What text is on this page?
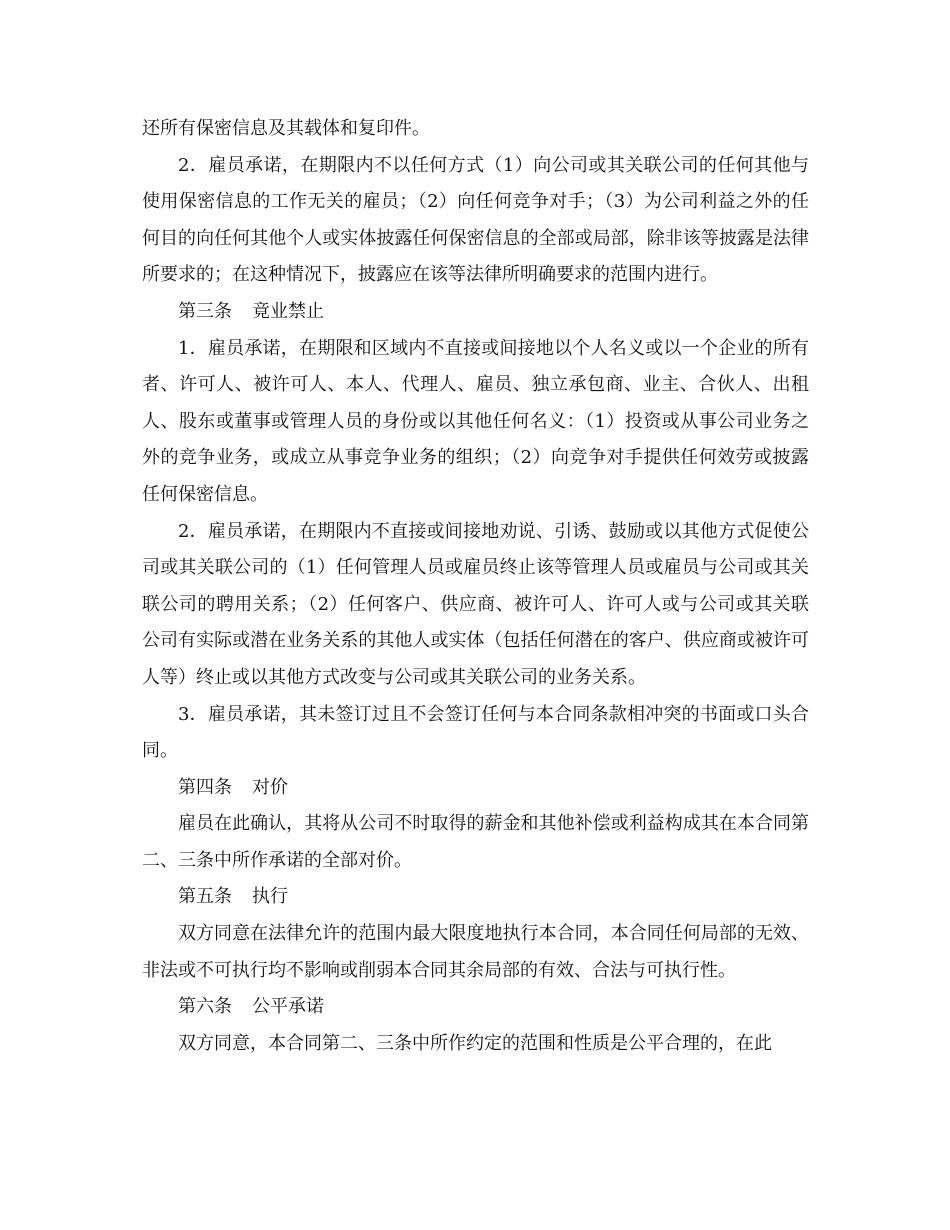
还所有保密信息及其载体和复印件。

2．雇员承诺，在期限内不以任何方式（1）向公司或其关联公司的任何其他与使用保密信息的工作无关的雇员；（2）向任何竞争对手；（3）为公司利益之外的任何目的向任何其他个人或实体披露任何保密信息的全部或局部，除非该等披露是法律所要求的；在这种情况下，披露应在该等法律所明确要求的范围内进行。

第三条 竟业禁止

1．雇员承诺，在期限和区域内不直接或间接地以个人名义或以一个企业的所有者、许可人、被许可人、本人、代理人、雇员、独立承包商、业主、合伙人、出租人、股东或董事或管理人员的身份或以其他任何名义：（1）投资或从事公司业务之外的竞争业务，或成立从事竞争业务的组织；（2）向竞争对手提供任何效劳或披露任何保密信息。

2．雇员承诺，在期限内不直接或间接地劝说、引诱、鼓励或以其他方式促使公司或其关联公司的（1）任何管理人员或雇员终止该等管理人员或雇员与公司或其关联公司的聘用关系；（2）任何客户、供应商、被许可人、许可人或与公司或其关联公司有实际或潜在业务关系的其他人或实体（包括任何潜在的客户、供应商或被许可人等）终止或以其他方式改变与公司或其关联公司的业务关系。

3．雇员承诺，其未签订过且不会签订任何与本合同条款相冲突的书面或口头合同。

第四条 对价

雇员在此确认，其将从公司不时取得的薪金和其他补偿或利益构成其在本合同第二、三条中所作承诺的全部对价。

第五条 执行

双方同意在法律允许的范围内最大限度地执行本合同，本合同任何局部的无效、非法或不可执行均不影响或削弱本合同其余局部的有效、合法与可执行性。

第六条 公平承诺

双方同意，本合同第二、三条中所作约定的范围和性质是公平合理的，在此
